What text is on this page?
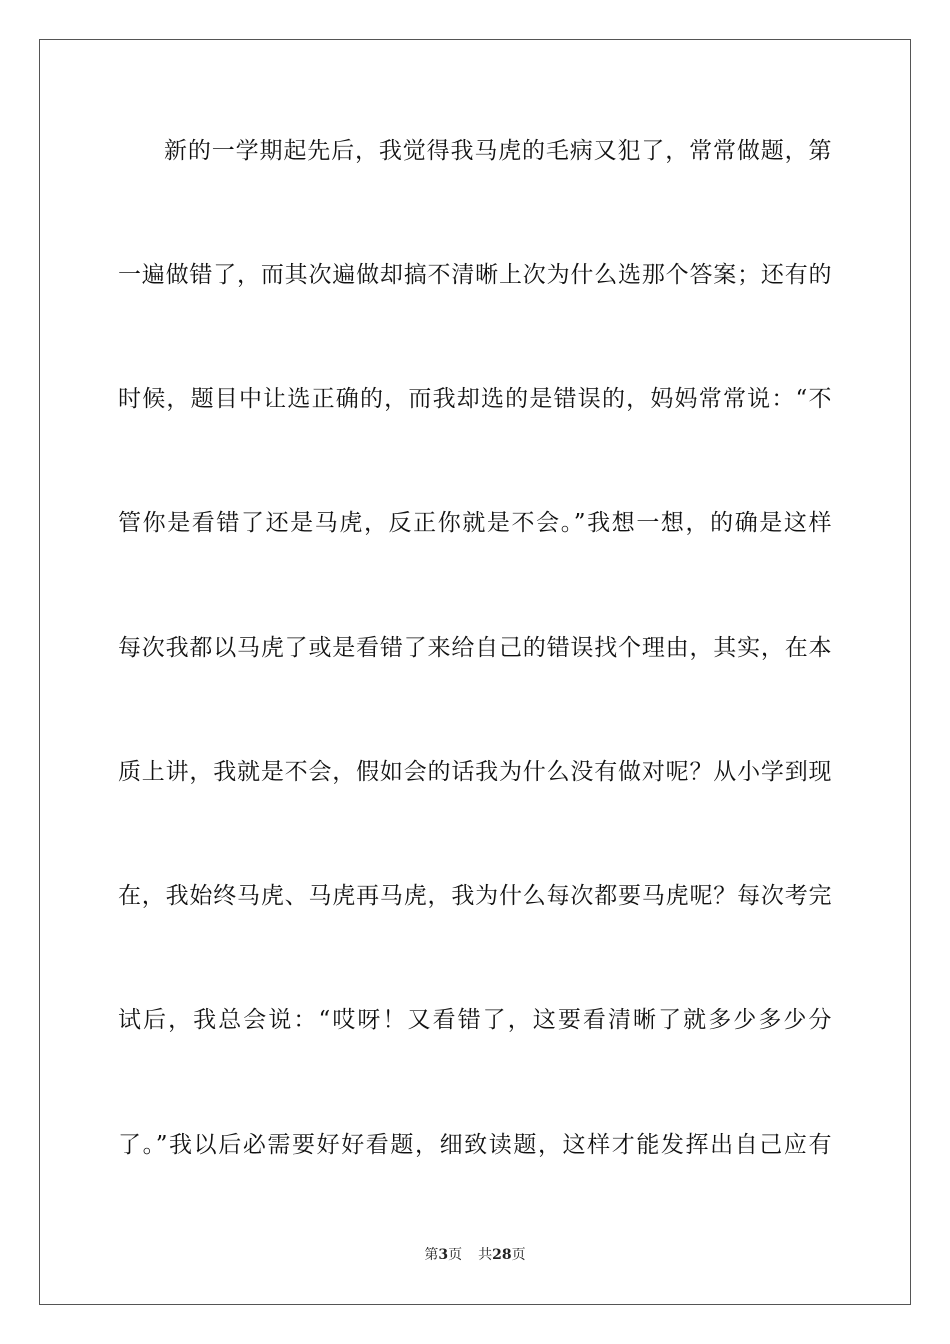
新的一学期起先后，我觉得我马虎的毛病又犯了，常常做题，第
一遍做错了，而其次遍做却搞不清晰上次为什么选那个答案；还有的
时候，题目中让选正确的，而我却选的是错误的，妈妈常常说：“不
管你是看错了还是马虎，反正你就是不会。”我想一想，的确是这样
每次我都以马虎了或是看错了来给自己的错误找个理由，其实，在本
质上讲，我就是不会，假如会的话我为什么没有做对呢？从小学到现
在，我始终马虎、马虎再马虎，我为什么每次都要马虎呢？每次考完
试后，我总会说：“哎呀！又看错了，这要看清晰了就多少多少分
了。”我以后必需要好好看题，细致读题，这样才能发挥出自己应有
第3页 共28页
